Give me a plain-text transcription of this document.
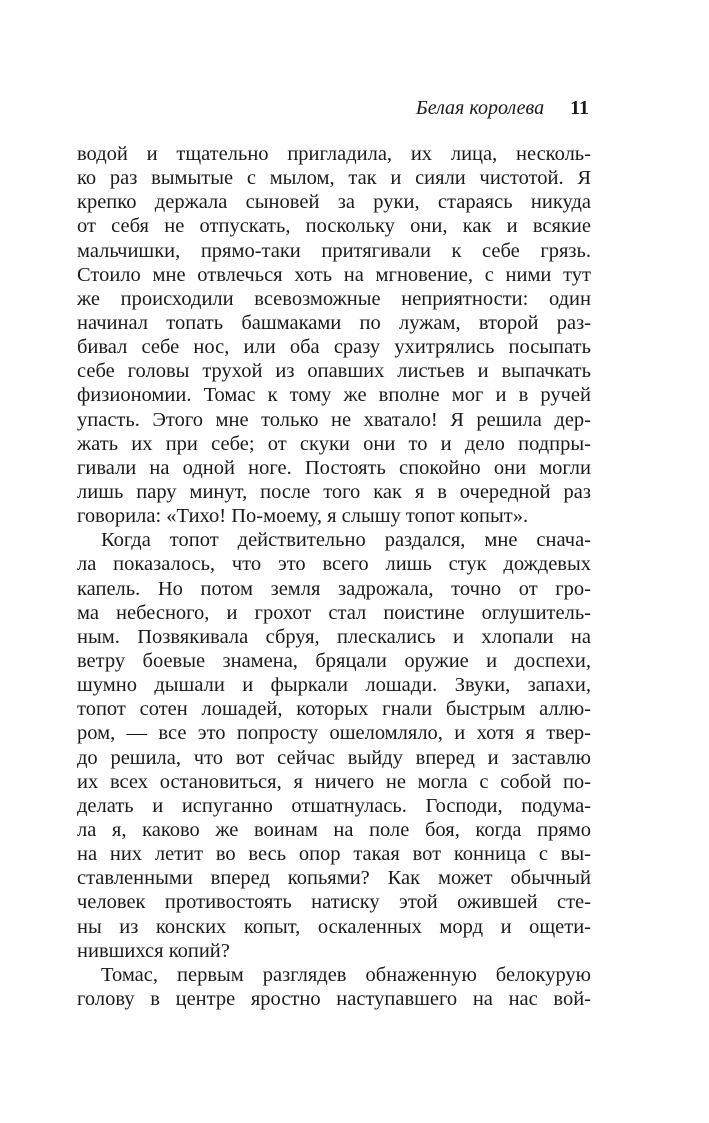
Белая королева 11
водой и тщательно пригладила, их лица, несколь-
ко раз вымытые с мылом, так и сияли чистотой. Я
крепко держала сыновей за руки, стараясь никуда
от себя не отпускать, поскольку они, как и всякие
мальчишки, прямо-таки притягивали к себе грязь.
Стоило мне отвлечься хоть на мгновение, с ними тут
же происходили всевозможные неприятности: один
начинал топать башмаками по лужам, второй раз-
бивал себе нос, или оба сразу ухитрялись посыпать
себе головы трухой из опавших листьев и выпачкать
физиономии. Томас к тому же вполне мог и в ручей
упасть. Этого мне только не хватало! Я решила дер-
жать их при себе; от скуки они то и дело подпры-
гивали на одной ноге. Постоять спокойно они могли
лишь пару минут, после того как я в очередной раз
говорила: «Тихо! По-моему, я слышу топот копыт».
Когда топот действительно раздался, мне снача-
ла показалось, что это всего лишь стук дождевых
капель. Но потом земля задрожала, точно от гро-
ма небесного, и грохот стал поистине оглушитель-
ным. Позвякивала сбруя, плескались и хлопали на
ветру боевые знамена, бряцали оружие и доспехи,
шумно дышали и фыркали лошади. Звуки, запахи,
топот сотен лошадей, которых гнали быстрым аллю-
ром, — все это попросту ошеломляло, и хотя я твер-
до решила, что вот сейчас выйду вперед и заставлю
их всех остановиться, я ничего не могла с собой по-
делать и испуганно отшатнулась. Господи, подума-
ла я, каково же воинам на поле боя, когда прямо
на них летит во весь опор такая вот конница с вы-
ставленными вперед копьями? Как может обычный
человек противостоять натиску этой ожившей сте-
ны из конских копыт, оскаленных морд и ощети-
нившихся копий?
Томас, первым разглядев обнаженную белокурую
голову в центре яростно наступавшего на нас вой-
